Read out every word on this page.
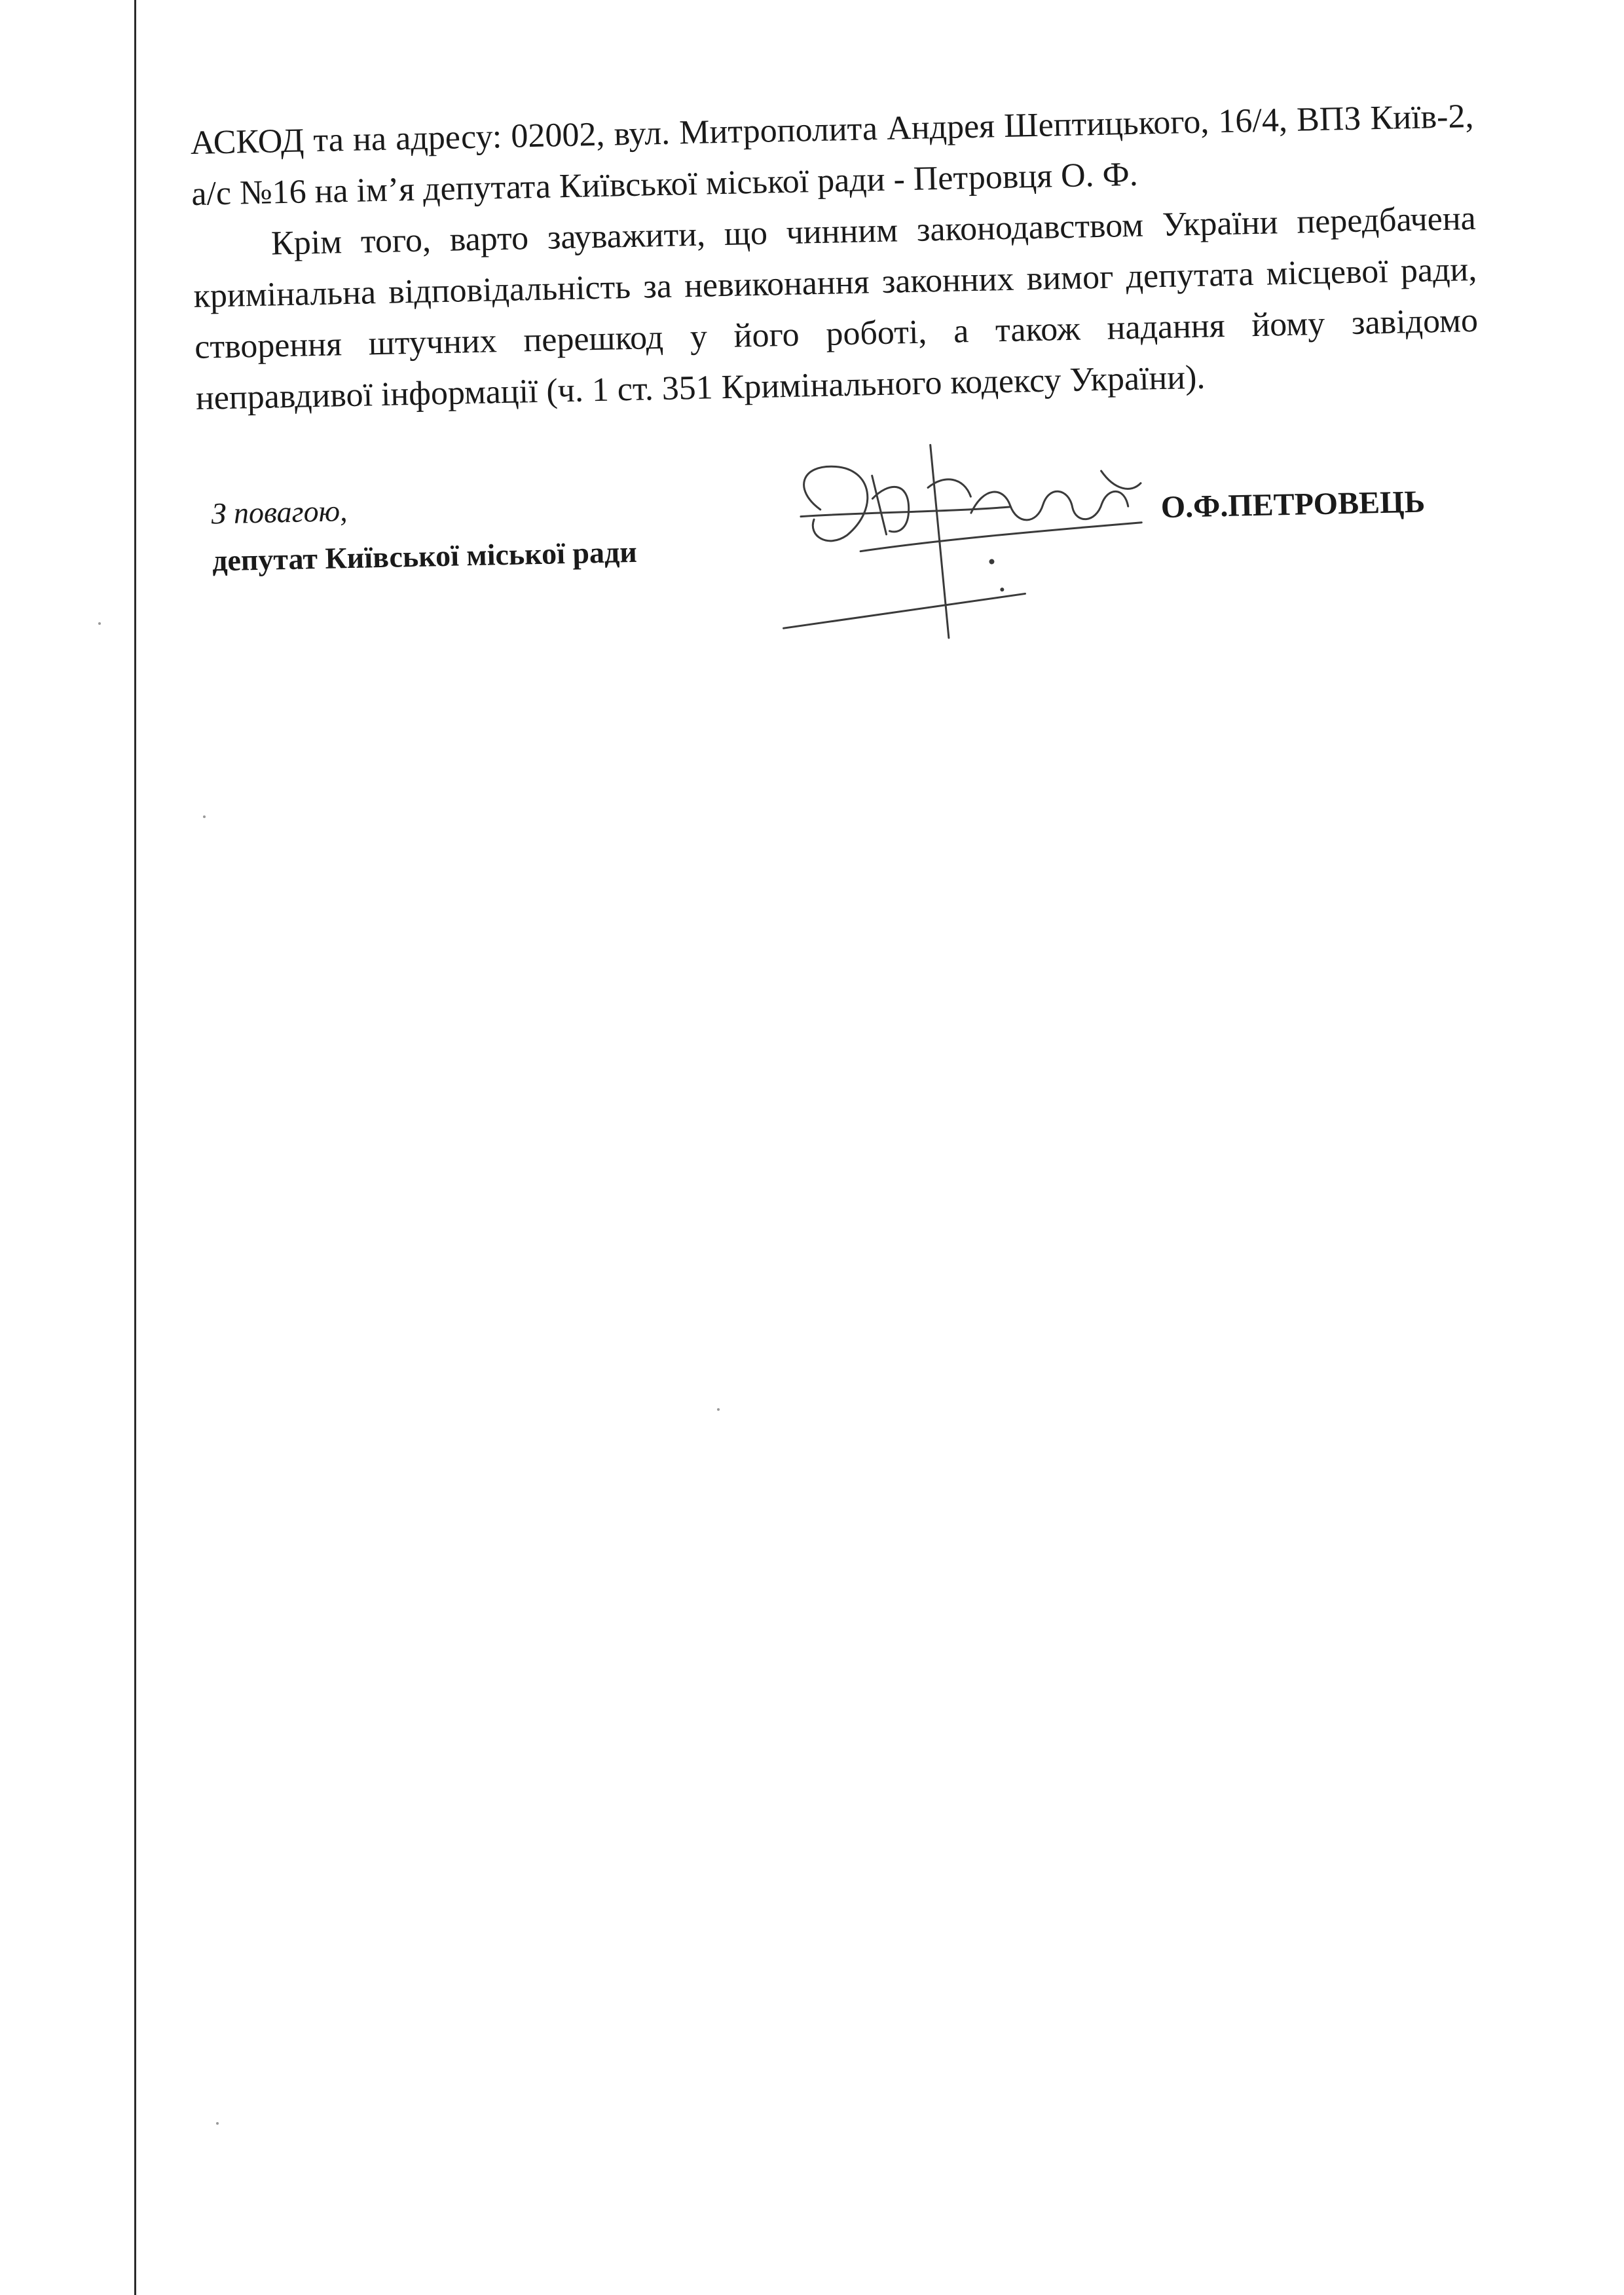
АСКОД та на адресу: 02002, вул. Митрополита Андрея Шептицького, 16/4, ВПЗ Київ-2, а/с №16 на ім’я депутата Київської міської ради - Петровця О. Ф.

Крім того, варто зауважити, що чинним законодавством України передбачена кримінальна відповідальність за невиконання законних вимог депутата місцевої ради, створення штучних перешкод у його роботі, а також надання йому завідомо неправдивої інформації (ч. 1 ст. 351 Кримінального кодексу України).

З повагою,
депутат Київської міської ради
О.Ф.ПЕТРОВЕЦЬ
